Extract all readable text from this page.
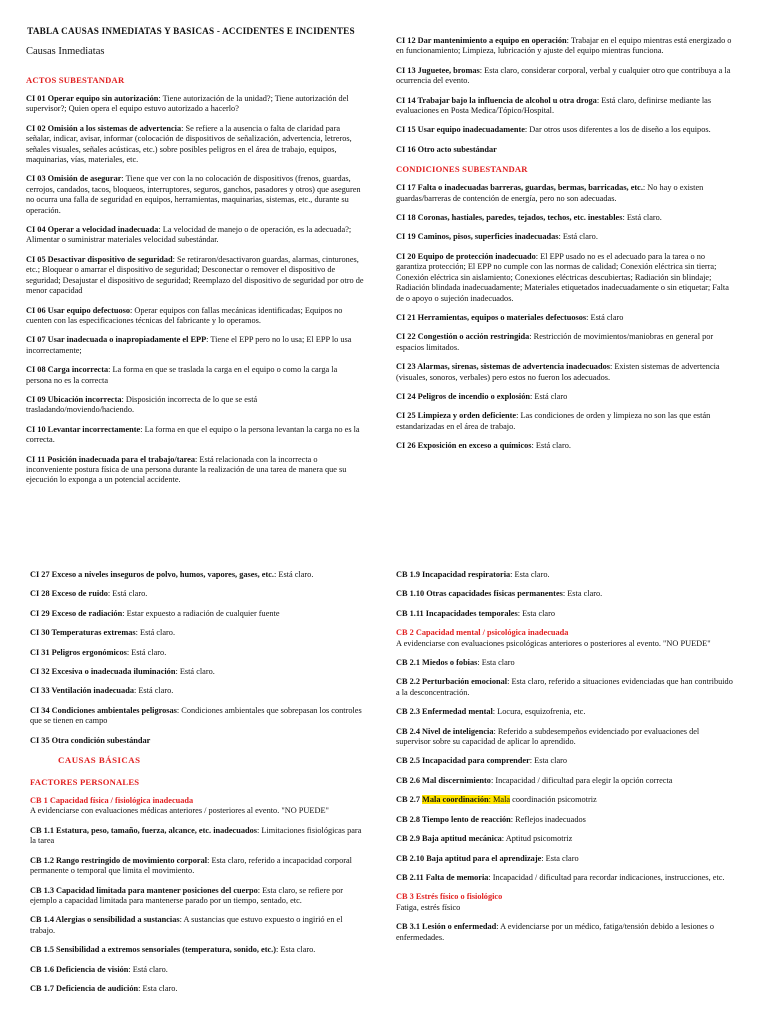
TABLA CAUSAS INMEDIATAS Y BASICAS - ACCIDENTES E INCIDENTES
Causas Inmediatas
ACTOS SUBESTANDAR
CI 01 Operar equipo sin autorización: Tiene autorización de la unidad?; Tiene autorización del supervisor?; Quien opera el equipo estuvo autorizado a hacerlo?
CI 02 Omisión a los sistemas de advertencia: Se refiere a la ausencia o falta de claridad para señalar, indicar, avisar, informar (colocación de dispositivos de señalización, advertencia, letreros, señales visuales, señales acústicas, etc.) sobre posibles peligros en el área de trabajo, equipos, maquinarias, vías, materiales, etc.
CI 03 Omisión de asegurar: Tiene que ver con la no colocación de dispositivos (frenos, guardas, cerrojos, candados, tacos, bloqueos, interruptores, seguros, ganchos, pasadores y otros) que aseguren no ocurra una falla de seguridad en equipos, herramientas, maquinarias, sistemas, etc., durante su operación.
CI 04 Operar a velocidad inadecuada: La velocidad de manejo o de operación, es la adecuada?; Alimentar o suministrar materiales velocidad subestándar.
CI 05 Desactivar dispositivo de seguridad: Se retiraron/desactivaron guardas, alarmas, cinturones, etc.; Bloquear o amarrar el dispositivo de seguridad; Desconectar o remover el dispositivo de seguridad; Desajustar el dispositivo de seguridad; Reemplazo del dispositivo de seguridad por otro de menor capacidad
CI 06 Usar equipo defectuoso: Operar equipos con fallas mecánicas identificadas; Equipos no cuenten con las especificaciones técnicas del fabricante y lo operamos.
CI 07 Usar inadecuada o inapropiadamente el EPP: Tiene el EPP pero no lo usa; El EPP lo usa incorrectamente;
CI 08 Carga incorrecta: La forma en que se traslada la carga en el equipo o como la carga la persona no es la correcta
CI 09 Ubicación incorrecta: Disposición incorrecta de lo que se está trasladando/moviendo/haciendo.
CI 10 Levantar incorrectamente: La forma en que el equipo o la persona levantan la carga no es la correcta.
CI 11 Posición inadecuada para el trabajo/tarea: Está relacionada con la incorrecta o inconveniente postura física de una persona durante la realización de una tarea de manera que su ejecución lo exponga a un potencial accidente.
CI 12 Dar mantenimiento a equipo en operación: Trabajar en el equipo mientras está energizado o en funcionamiento; Limpieza, lubricación y ajuste del equipo mientras funciona.
CI 13 Juguetee, bromas: Esta claro, considerar corporal, verbal y cualquier otro que contribuya a la ocurrencia del evento.
CI 14 Trabajar bajo la influencia de alcohol u otra droga: Está claro, definirse mediante las evaluaciones en Posta Medica/Tópico/Hospital.
CI 15 Usar equipo inadecuadamente: Dar otros usos diferentes a los de diseño a los equipos.
CI 16 Otro acto subestándar
CONDICIONES SUBESTANDAR
CI 17 Falta o inadecuadas barreras, guardas, bermas, barricadas, etc.: No hay o existen guardas/barreras de contención de energía, pero no son adecuadas.
CI 18 Coronas, hastiales, paredes, tejados, techos, etc. inestables: Está claro.
CI 19 Caminos, pisos, superficies inadecuadas: Está claro.
CI 20 Equipo de protección inadecuado: El EPP usado no es el adecuado para la tarea o no garantiza protección; El EPP no cumple con las normas de calidad; Conexión eléctrica sin tierra; Conexión eléctrica sin aislamiento; Conexiones eléctricas descubiertas; Radiación sin blindaje; Radiación blindada inadecuadamente; Materiales etiquetados inadecuadamente o sin etiquetar; Falta de o apoyo o sujeción inadecuados.
CI 21 Herramientas, equipos o materiales defectuosos: Está claro
CI 22 Congestión o acción restringida: Restricción de movimientos/maniobras en general por espacios limitados.
CI 23 Alarmas, sirenas, sistemas de advertencia inadecuados: Existen sistemas de advertencia (visuales, sonoros, verbales) pero estos no fueron los adecuados.
CI 24 Peligros de incendio o explosión: Está claro
CI 25 Limpieza y orden deficiente: Las condiciones de orden y limpieza no son las que están estandarizadas en el área de trabajo.
CI 26 Exposición en exceso a químicos: Está claro.
CI 27 Exceso a niveles inseguros de polvo, humos, vapores, gases, etc.: Está claro.
CI 28 Exceso de ruido: Está claro.
CI 29 Exceso de radiación: Estar expuesto a radiación de cualquier fuente
CI 30 Temperaturas extremas: Está claro.
CI 31 Peligros ergonómicos: Está claro.
CI 32 Excesiva o inadecuada iluminación: Está claro.
CI 33 Ventilación inadecuada: Está claro.
CI 34 Condiciones ambientales peligrosas: Condiciones ambientales que sobrepasan los controles que se tienen en campo
CI 35 Otra condición subestándar
CAUSAS BÁSICAS
FACTORES PERSONALES
CB 1 Capacidad física / fisiológica inadecuada
A evidenciarse con evaluaciones médicas anteriores / posteriores al evento. "NO PUEDE"
CB 1.1 Estatura, peso, tamaño, fuerza, alcance, etc. inadecuados: Limitaciones fisiológicas para la tarea
CB 1.2 Rango restringido de movimiento corporal: Esta claro, referido a incapacidad corporal permanente o temporal que limita el movimiento.
CB 1.3 Capacidad limitada para mantener posiciones del cuerpo: Esta claro, se refiere por ejemplo a capacidad limitada para mantenerse parado por un tiempo, sentado, etc.
CB 1.4 Alergias o sensibilidad a sustancias: A sustancias que estuvo expuesto o ingirió en el trabajo.
CB 1.5 Sensibilidad a extremos sensoriales (temperatura, sonido, etc.): Esta claro.
CB 1.6 Deficiencia de visión: Está claro.
CB 1.7 Deficiencia de audición: Esta claro.
CB 1.9 Incapacidad respiratoria: Esta claro.
CB 1.10 Otras capacidades físicas permanentes: Esta claro.
CB 1.11 Incapacidades temporales: Esta claro
CB 2 Capacidad mental / psicológica inadecuada
A evidenciarse con evaluaciones psicológicas anteriores o posteriores al evento. "NO PUEDE"
CB 2.1 Miedos o fobias: Esta claro
CB 2.2 Perturbación emocional: Esta claro, referido a situaciones evidenciadas que han contribuido a la desconcentración.
CB 2.3 Enfermedad mental: Locura, esquizofrenia, etc.
CB 2.4 Nivel de inteligencia: Referido a subdesempeños evidenciado por evaluaciones del supervisor sobre su capacidad de aplicar lo aprendido.
CB 2.5 Incapacidad para comprender: Esta claro
CB 2.6 Mal discernimiento: Incapacidad / dificultad para elegir la opción correcta
CB 2.7 Mala coordinación: Mala coordinación psicomotriz
CB 2.8 Tiempo lento de reacción: Reflejos inadecuados
CB 2.9 Baja aptitud mecánica: Aptitud psicomotriz
CB 2.10 Baja aptitud para el aprendizaje: Esta claro
CB 2.11 Falta de memoria: Incapacidad / dificultad para recordar indicaciones, instrucciones, etc.
CB 3 Estrés físico o fisiológico
Fatiga, estrés físico
CB 3.1 Lesión o enfermedad: A evidenciarse por un médico, fatiga/tensión debido a lesiones o enfermedades.
